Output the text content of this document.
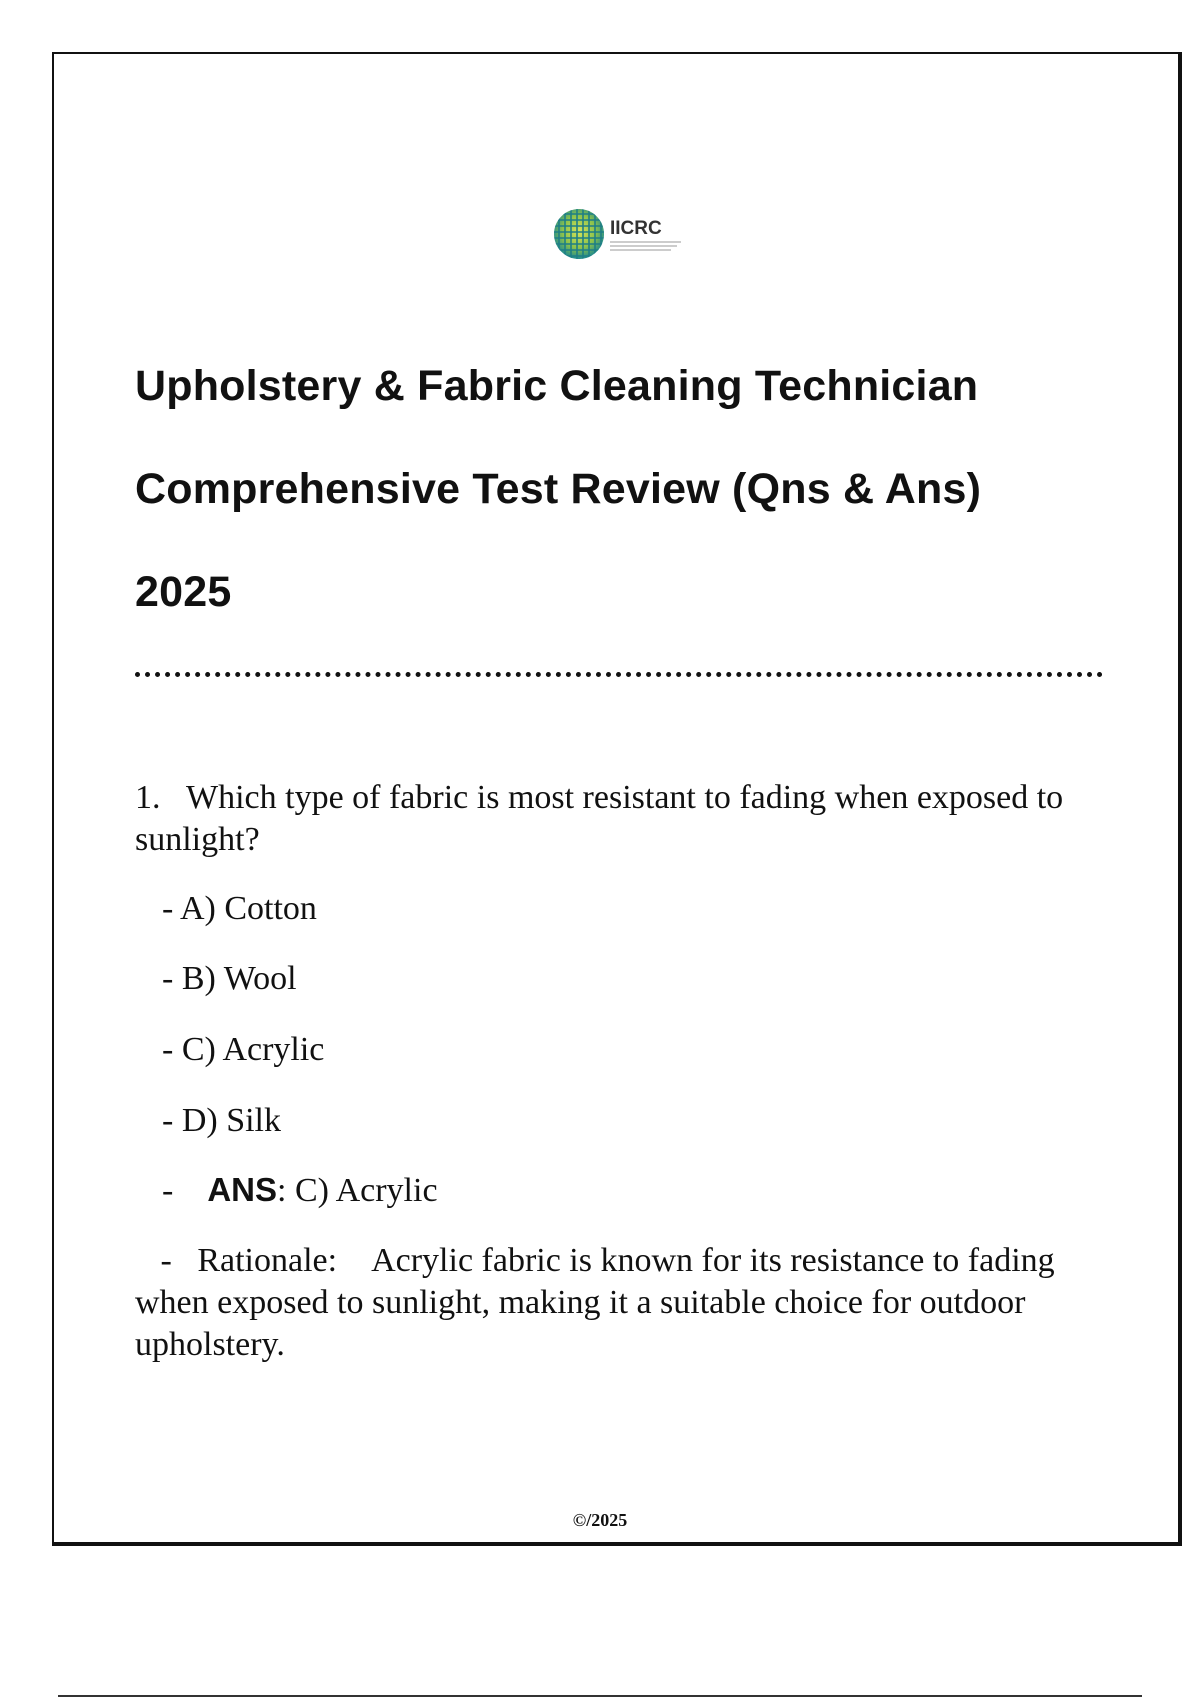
IICRC
Upholstery & Fabric Cleaning Technician
Comprehensive Test Review (Qns & Ans)
2025
1. Which type of fabric is most resistant to fading when exposed to sunlight?
- A) Cotton
- B) Wool
- C) Acrylic
- D) Silk
-    ANS: C) Acrylic
-   Rationale: Acrylic fabric is known for its resistance to fading when exposed to sunlight, making it a suitable choice for outdoor upholstery.
©/2025
